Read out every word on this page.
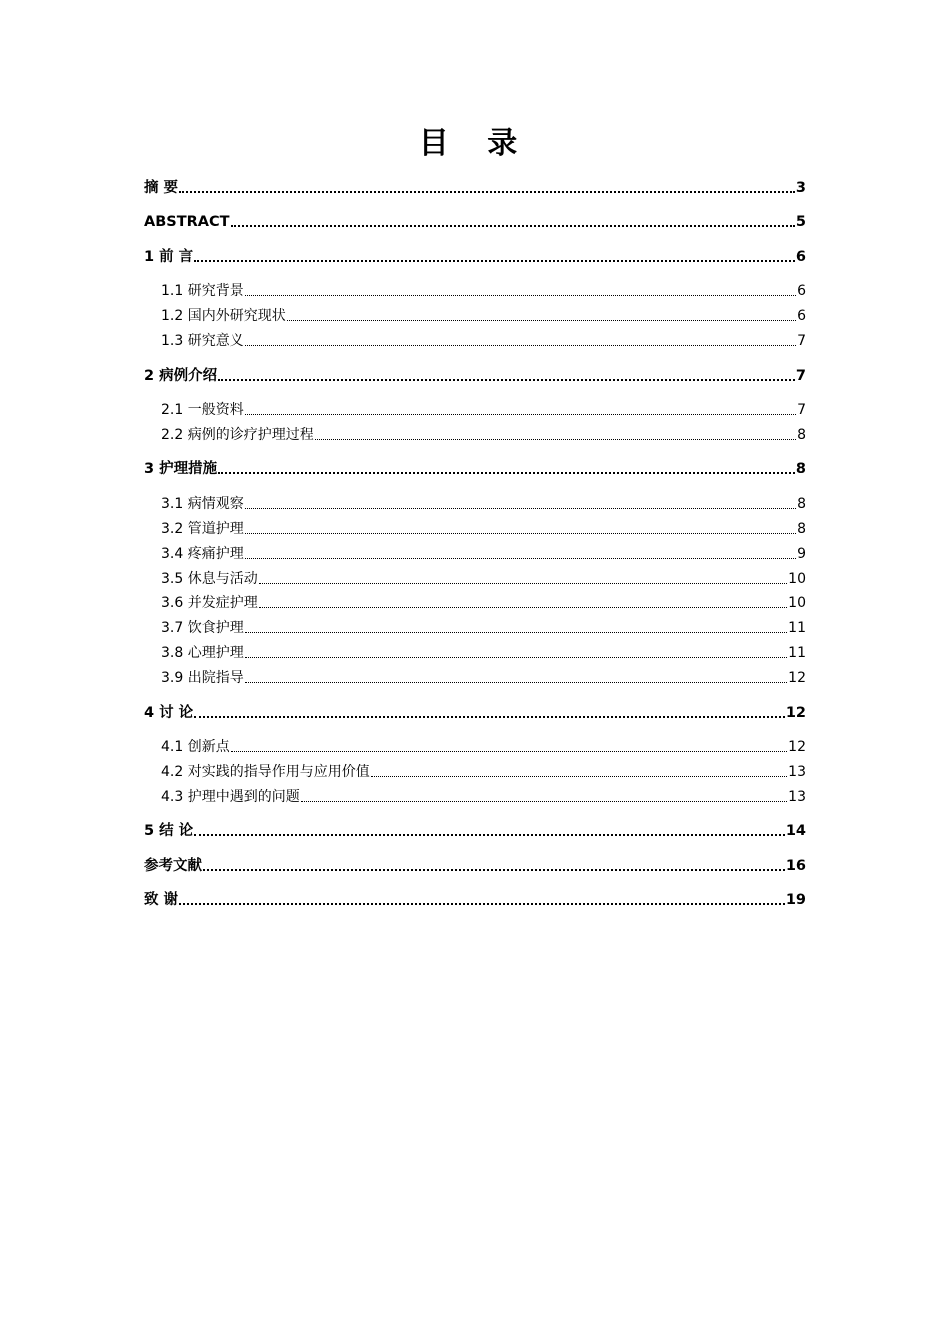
目 录
摘 要	3
ABSTRACT	5
1 前 言	6
1.1 研究背景	6
1.2 国内外研究现状	6
1.3 研究意义	7
2 病例介绍	7
2.1 一般资料	7
2.2 病例的诊疗护理过程	8
3 护理措施	8
3.1 病情观察	8
3.2 管道护理	8
3.4 疼痛护理	9
3.5 休息与活动	10
3.6 并发症护理	10
3.7 饮食护理	11
3.8 心理护理	11
3.9 出院指导	12
4 讨 论	12
4.1 创新点	12
4.2 对实践的指导作用与应用价值	13
4.3 护理中遇到的问题	13
5 结 论	14
参考文献	16
致 谢	19
